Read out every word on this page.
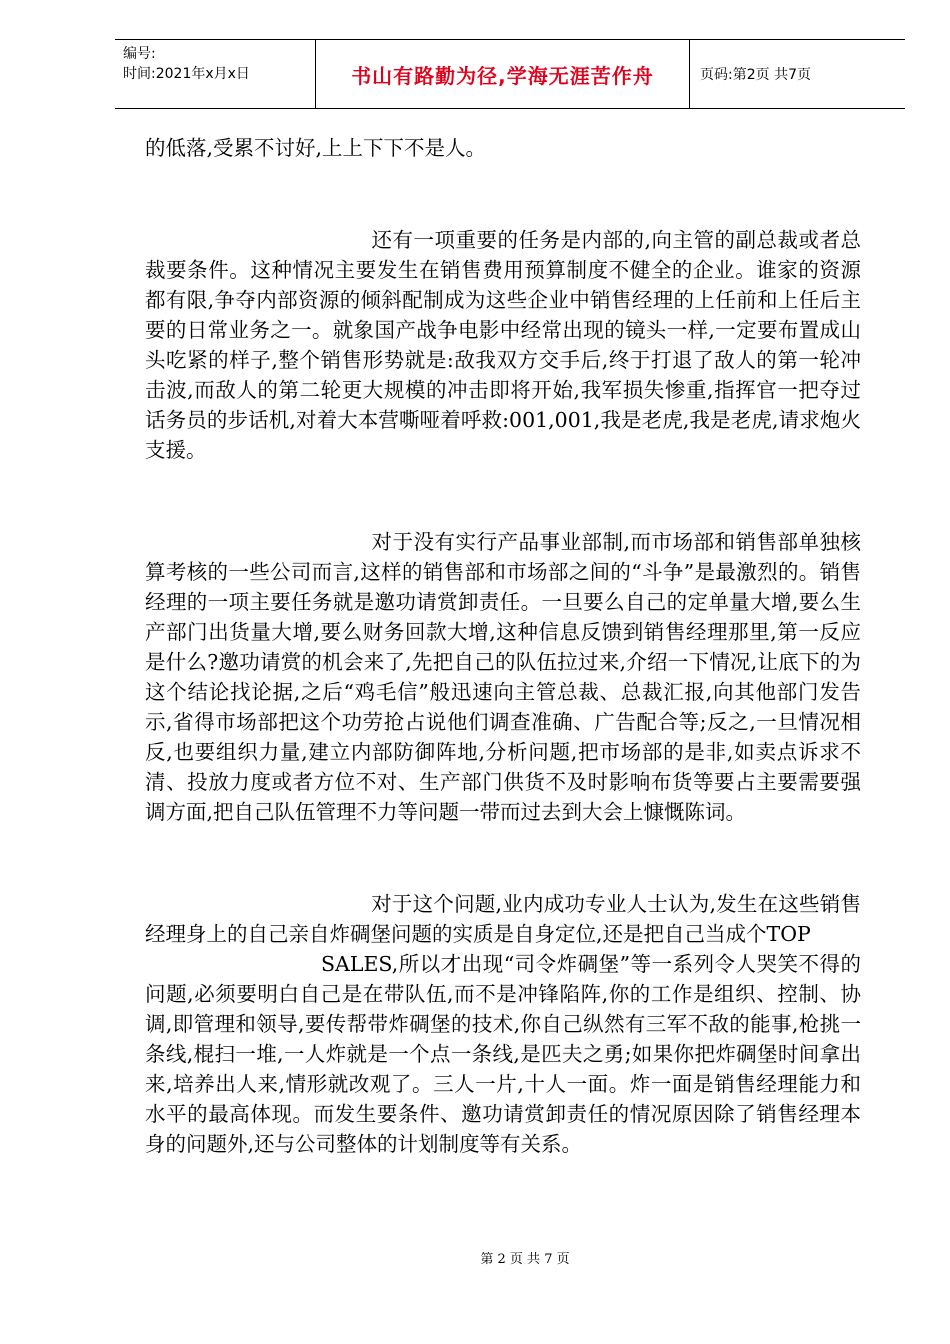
编号:
时间:2021年x月x日	书山有路勤为径,学海无涯苦作舟	页码:第2页 共7页

的低落,受累不讨好,上上下下不是人。

还有一项重要的任务是内部的,向主管的副总裁或者总裁要条件。这种情况主要发生在销售费用预算制度不健全的企业。谁家的资源都有限,争夺内部资源的倾斜配制成为这些企业中销售经理的上任前和上任后主要的日常业务之一。就象国产战争电影中经常出现的镜头一样,一定要布置成山头吃紧的样子,整个销售形势就是:敌我双方交手后,终于打退了敌人的第一轮冲击波,而敌人的第二轮更大规模的冲击即将开始,我军损失惨重,指挥官一把夺过话务员的步话机,对着大本营嘶哑着呼救:001,001,我是老虎,我是老虎,请求炮火支援。

对于没有实行产品事业部制,而市场部和销售部单独核算考核的一些公司而言,这样的销售部和市场部之间的“斗争”是最激烈的。销售经理的一项主要任务就是邀功请赏卸责任。一旦要么自己的定单量大增,要么生产部门出货量大增,要么财务回款大增,这种信息反馈到销售经理那里,第一反应是什么?邀功请赏的机会来了,先把自己的队伍拉过来,介绍一下情况,让底下的为这个结论找论据,之后“鸡毛信”般迅速向主管总裁、总裁汇报,向其他部门发告示,省得市场部把这个功劳抢占说他们调查准确、广告配合等;反之,一旦情况相反,也要组织力量,建立内部防御阵地,分析问题,把市场部的是非,如卖点诉求不清、投放力度或者方位不对、生产部门供货不及时影响布货等要占主要需要强调方面,把自己队伍管理不力等问题一带而过去到大会上慷慨陈词。

对于这个问题,业内成功专业人士认为,发生在这些销售经理身上的自己亲自炸碉堡问题的实质是自身定位,还是把自己当成个TOP
SALES,所以才出现“司令炸碉堡”等一系列令人哭笑不得的问题,必须要明白自己是在带队伍,而不是冲锋陷阵,你的工作是组织、控制、协调,即管理和领导,要传帮带炸碉堡的技术,你自己纵然有三军不敌的能事,枪挑一条线,棍扫一堆,一人炸就是一个点一条线,是匹夫之勇;如果你把炸碉堡时间拿出来,培养出人来,情形就改观了。三人一片,十人一面。炸一面是销售经理能力和水平的最高体现。而发生要条件、邀功请赏卸责任的情况原因除了销售经理本身的问题外,还与公司整体的计划制度等有关系。

第 2 页 共 7 页
